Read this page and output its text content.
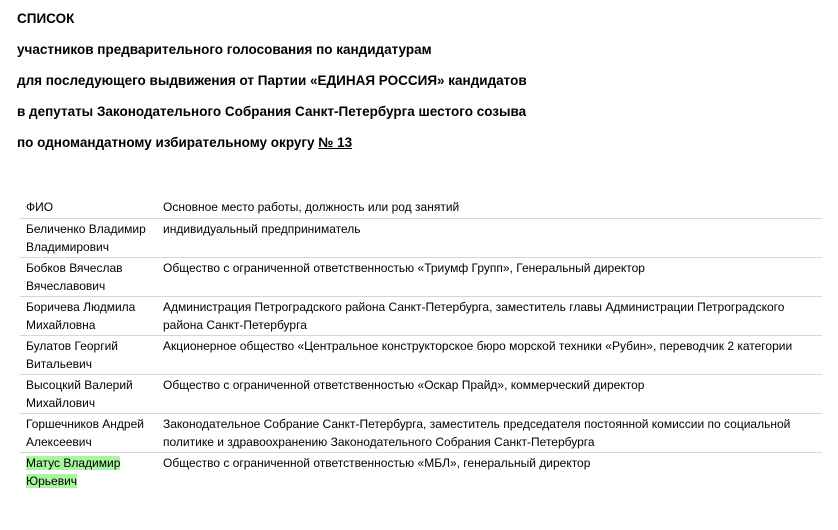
СПИСОК
участников предварительного голосования по кандидатурам
для последующего выдвижения от Партии «ЕДИНАЯ РОССИЯ» кандидатов
в депутаты Законодательного Собрания Санкт-Петербурга шестого созыва
по одномандатному избирательному округу № 13
ФИО	Основное место работы, должность или род занятий
Беличенко Владимир Владимирович	индивидуальный предприниматель
Бобков Вячеслав Вячеславович	Общество с ограниченной ответственностью «Триумф Групп», Генеральный директор
Боричева Людмила Михайловна	Администрация Петроградского района Санкт-Петербурга, заместитель главы Администрации Петроградского района Санкт-Петербурга
Булатов Георгий Витальевич	Акционерное общество «Центральное конструкторское бюро морской техники «Рубин», переводчик 2 категории
Высоцкий Валерий Михайлович	Общество с ограниченной ответственностью «Оскар Прайд», коммерческий директор
Горшечников Андрей Алексеевич	Законодательное Собрание Санкт-Петербурга, заместитель председателя постоянной комиссии по социальной политике и здравоохранению Законодательного Собрания Санкт-Петербурга
Матус Владимир Юрьевич	Общество с ограниченной ответственностью «МБЛ», генеральный директор
